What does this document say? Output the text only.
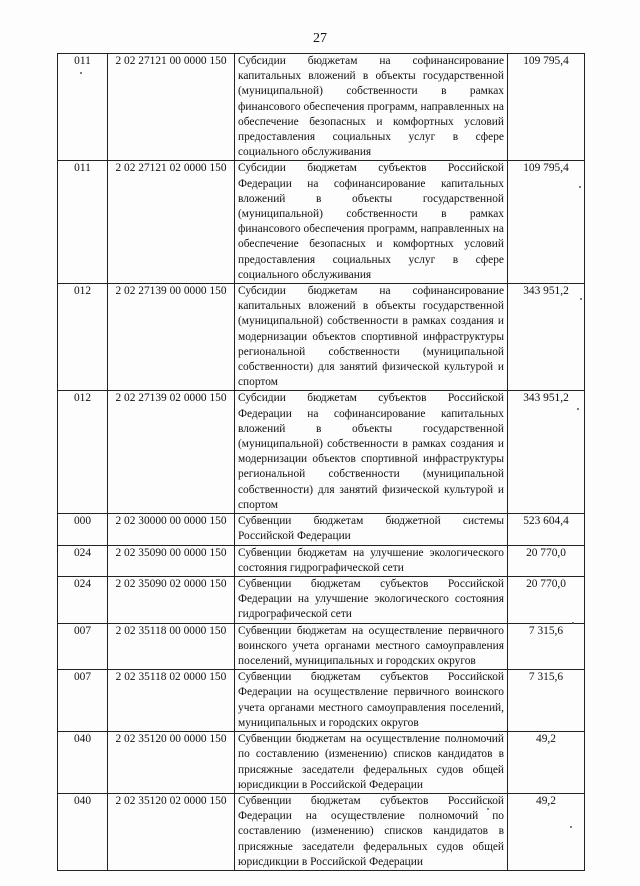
27
011	2 02 27121 00 0000 150	Субсидии бюджетам на софинансирование капитальных вложений в объекты государственной (муниципальной) собственности в рамках финансового обеспечения программ, направленных на обеспечение безопасных и комфортных условий предоставления социальных услуг в сфере социального обслуживания	109 795,4
011	2 02 27121 02 0000 150	Субсидии бюджетам субъектов Российской Федерации на софинансирование капитальных вложений в объекты государственной (муниципальной) собственности в рамках финансового обеспечения программ, направленных на обеспечение безопасных и комфортных условий предоставления социальных услуг в сфере социального обслуживания	109 795,4
012	2 02 27139 00 0000 150	Субсидии бюджетам на софинансирование капитальных вложений в объекты государственной (муниципальной) собственности в рамках создания и модернизации объектов спортивной инфраструктуры региональной собственности (муниципальной собственности) для занятий физической культурой и спортом	343 951,2
012	2 02 27139 02 0000 150	Субсидии бюджетам субъектов Российской Федерации на софинансирование капитальных вложений в объекты государственной (муниципальной) собственности в рамках создания и модернизации объектов спортивной инфраструктуры региональной собственности (муниципальной собственности) для занятий физической культурой и спортом	343 951,2
000	2 02 30000 00 0000 150	Субвенции бюджетам бюджетной системы Российской Федерации	523 604,4
024	2 02 35090 00 0000 150	Субвенции бюджетам на улучшение экологического состояния гидрографической сети	20 770,0
024	2 02 35090 02 0000 150	Субвенции бюджетам субъектов Российской Федерации на улучшение экологического состояния гидрографической сети	20 770,0
007	2 02 35118 00 0000 150	Субвенции бюджетам на осуществление первичного воинского учета органами местного самоуправления поселений, муниципальных и городских округов	7 315,6
007	2 02 35118 02 0000 150	Субвенции бюджетам субъектов Российской Федерации на осуществление первичного воинского учета органами местного самоуправления поселений, муниципальных и городских округов	7 315,6
040	2 02 35120 00 0000 150	Субвенции бюджетам на осуществление полномочий по составлению (изменению) списков кандидатов в присяжные заседатели федеральных судов общей юрисдикции в Российской Федерации	49,2
040	2 02 35120 02 0000 150	Субвенции бюджетам субъектов Российской Федерации на осуществление полномочий по составлению (изменению) списков кандидатов в присяжные заседатели федеральных судов общей юрисдикции в Российской Федерации	49,2
